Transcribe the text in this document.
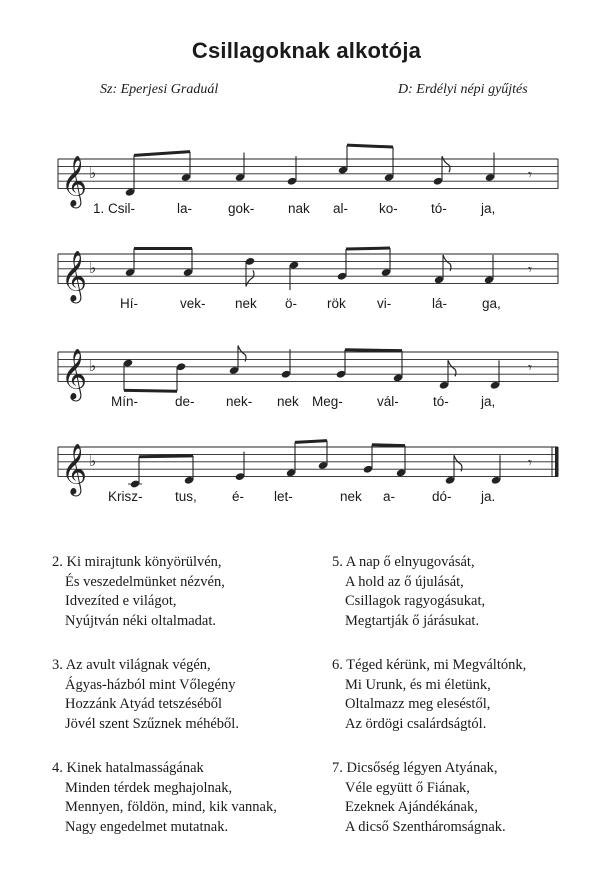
Csillagoknak alkotója
Sz: Eperjesi Graduál	D: Erdélyi népi gyűjtés
𝄞 ♭	𝄾
1. Csil-	la-	gok- nak al- ko- tó-	ja,
𝄞 ♭	𝄾
Hí-	vek- nek ö- rök vi-	lá-	ga,
𝄞 ♭	𝄾
Mín-	de- nek- nek Meg-	vál-	tó- ja,
𝄞 ♭	𝄾
Krisz- tus,	é- let-	nek a-	dó- ja.
2. Ki mirajtunk könyörülvén,
És veszedelmünket nézvén,
Idvezíted e világot,
Nyújtván néki oltalmadat.
3. Az avult világnak végén,
Ágyas-házból mint Vőlegény
Hozzánk Atyád tetszéséből
Jövél szent Szűznek méhéből.
4. Kinek hatalmasságának
Minden térdek meghajolnak,
Mennyen, földön, mind, kik vannak,
Nagy engedelmet mutatnak.
5. A nap ő elnyugovását,
A hold az ő újulását,
Csillagok ragyogásukat,
Megtartják ő járásukat.
6. Téged kérünk, mi Megváltónk,
Mi Urunk, és mi életünk,
Oltalmazz meg eleséstől,
Az ördögi csalárdságtól.
7. Dicsőség légyen Atyának,
Véle együtt ő Fiának,
Ezeknek Ajándékának,
A dicső Szentháromságnak.
